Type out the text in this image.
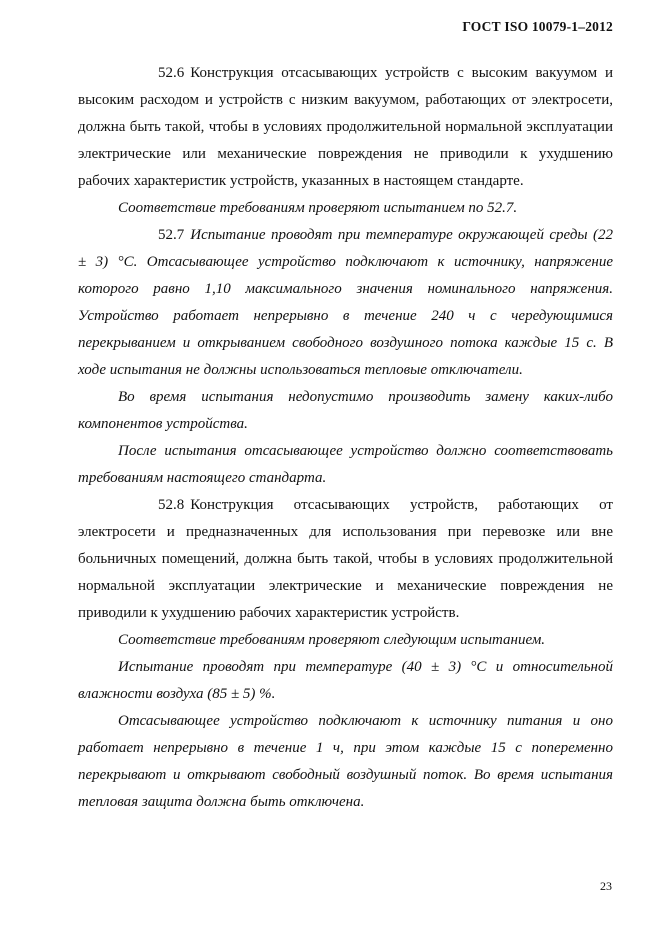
ГОСТ ISO 10079-1–2012

52.6 Конструкция отсасывающих устройств с высоким вакуумом и высоким расходом и устройств с низким вакуумом, работающих от электросети, должна быть такой, чтобы в условиях продолжительной нормальной эксплуатации электрические или механические повреждения не приводили к ухудшению рабочих характеристик устройств, указанных в настоящем стандарте.

Соответствие требованиям проверяют испытанием по 52.7.

52.7 Испытание проводят при температуре окружающей среды (22 ± 3) °С. Отсасывающее устройство подключают к источнику, напряжение которого равно 1,10 максимального значения номинального напряжения. Устройство работает непрерывно в течение 240 ч с чередующимися перекрыванием и открыванием свободного воздушного потока каждые 15 с. В ходе испытания не должны использоваться тепловые отключатели.

Во время испытания недопустимо производить замену каких-либо компонентов устройства.

После испытания отсасывающее устройство должно соответствовать требованиям настоящего стандарта.

52.8 Конструкция отсасывающих устройств, работающих от электросети и предназначенных для использования при перевозке или вне больничных помещений, должна быть такой, чтобы в условиях продолжительной нормальной эксплуатации электрические и механические повреждения не приводили к ухудшению рабочих характеристик устройств.

Соответствие требованиям проверяют следующим испытанием.

Испытание проводят при температуре (40 ± 3) °С и относительной влажности воздуха (85 ± 5) %.

Отсасывающее устройство подключают к источнику питания и оно работает непрерывно в течение 1 ч, при этом каждые 15 с попеременно перекрывают и открывают свободный воздушный поток. Во время испытания тепловая защита должна быть отключена.

23
